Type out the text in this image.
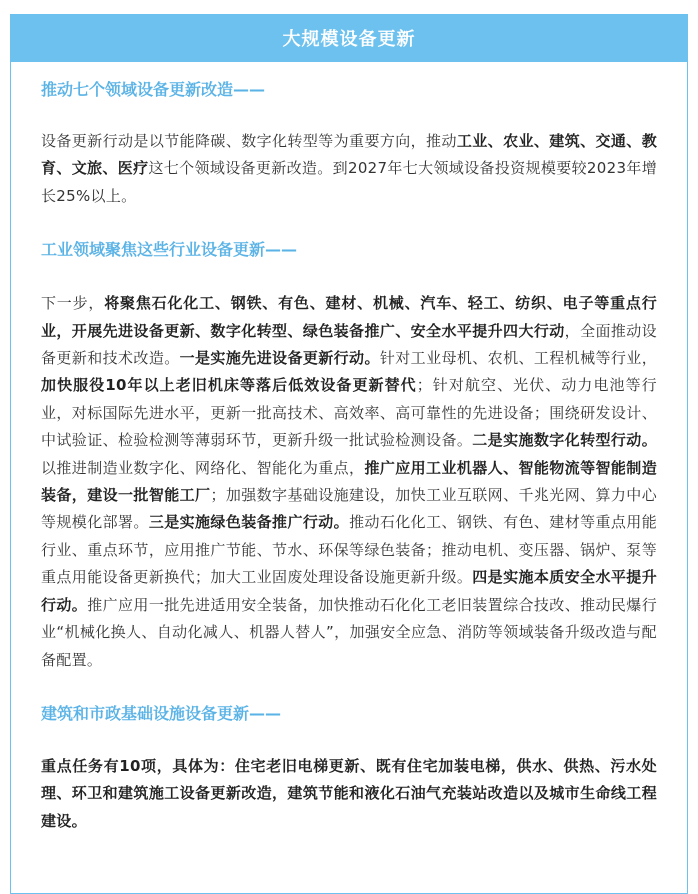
大规模设备更新
推动七个领域设备更新改造——

设备更新行动是以节能降碳、数字化转型等为重要方向，推动工业、农业、建筑、交通、教育、文旅、医疗这七个领域设备更新改造。到2027年七大领域设备投资规模要较2023年增长25%以上。

工业领域聚焦这些行业设备更新——

下一步，将聚焦石化化工、钢铁、有色、建材、机械、汽车、轻工、纺织、电子等重点行业，开展先进设备更新、数字化转型、绿色装备推广、安全水平提升四大行动，全面推动设备更新和技术改造。一是实施先进设备更新行动。针对工业母机、农机、工程机械等行业，加快服役10年以上老旧机床等落后低效设备更新替代；针对航空、光伏、动力电池等行业，对标国际先进水平，更新一批高技术、高效率、高可靠性的先进设备；围绕研发设计、中试验证、检验检测等薄弱环节，更新升级一批试验检测设备。二是实施数字化转型行动。以推进制造业数字化、网络化、智能化为重点，推广应用工业机器人、智能物流等智能制造装备，建设一批智能工厂；加强数字基础设施建设，加快工业互联网、千兆光网、算力中心等规模化部署。三是实施绿色装备推广行动。推动石化化工、钢铁、有色、建材等重点用能行业、重点环节，应用推广节能、节水、环保等绿色装备；推动电机、变压器、锅炉、泵等重点用能设备更新换代；加大工业固废处理设备设施更新升级。四是实施本质安全水平提升行动。推广应用一批先进适用安全装备，加快推动石化化工老旧装置综合技改、推动民爆行业“机械化换人、自动化减人、机器人替人”，加强安全应急、消防等领域装备升级改造与配备配置。

建筑和市政基础设施设备更新——

重点任务有10项，具体为：住宅老旧电梯更新、既有住宅加装电梯，供水、供热、污水处理、环卫和建筑施工设备更新改造，建筑节能和液化石油气充装站改造以及城市生命线工程建设。
